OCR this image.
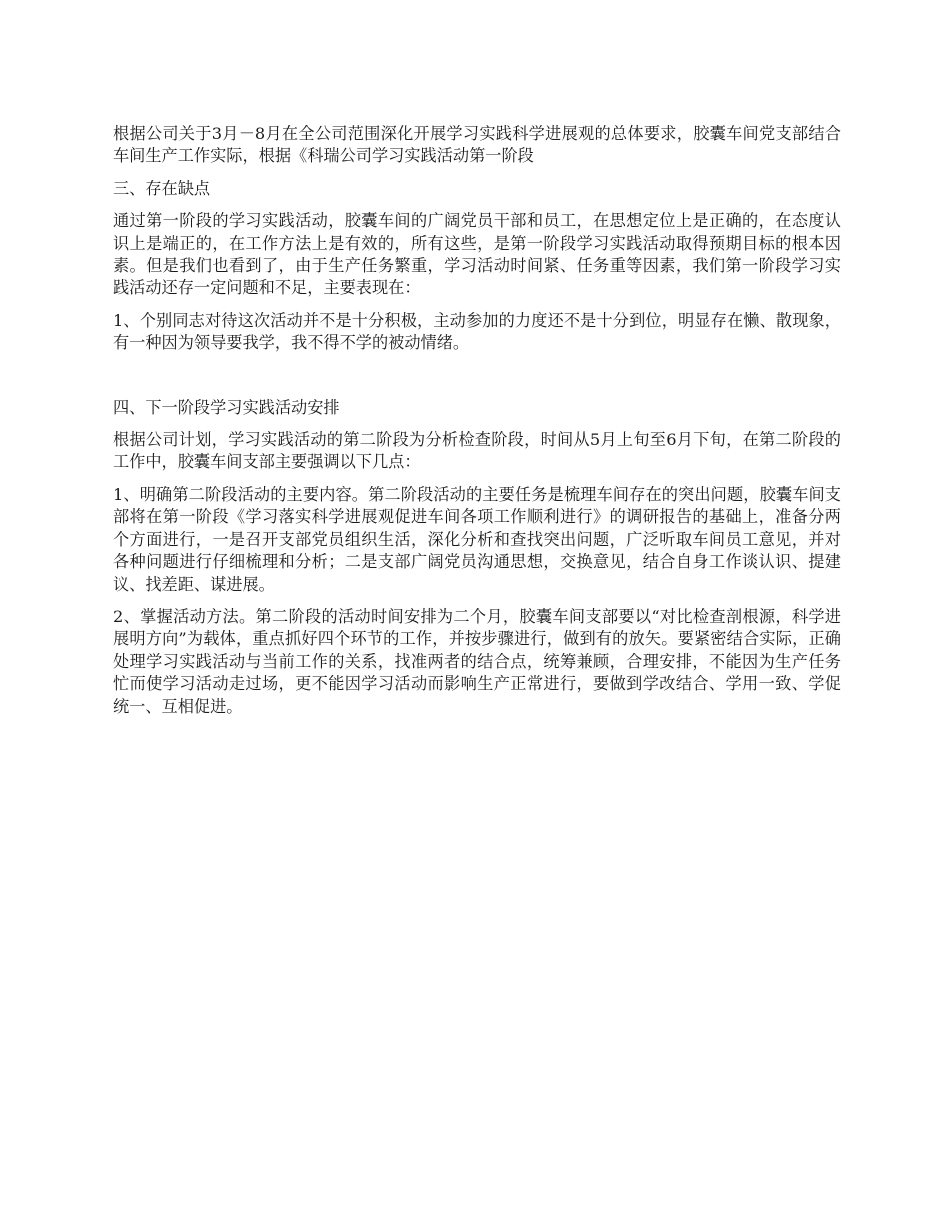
根据公司关于3月－8月在全公司范围深化开展学习实践科学进展观的总体要求，胶囊车间党支部结合车间生产工作实际，根据《科瑞公司学习实践活动第一阶段

三、存在缺点

通过第一阶段的学习实践活动，胶囊车间的广阔党员干部和员工，在思想定位上是正确的，在态度认识上是端正的，在工作方法上是有效的，所有这些，是第一阶段学习实践活动取得预期目标的根本因素。但是我们也看到了，由于生产任务繁重，学习活动时间紧、任务重等因素，我们第一阶段学习实践活动还存一定问题和不足，主要表现在：

1、个别同志对待这次活动并不是十分积极，主动参加的力度还不是十分到位，明显存在懒、散现象，有一种因为领导要我学，我不得不学的被动情绪。

四、下一阶段学习实践活动安排

根据公司计划，学习实践活动的第二阶段为分析检查阶段，时间从5月上旬至6月下旬，在第二阶段的工作中，胶囊车间支部主要强调以下几点：

1、明确第二阶段活动的主要内容。第二阶段活动的主要任务是梳理车间存在的突出问题，胶囊车间支部将在第一阶段《学习落实科学进展观促进车间各项工作顺利进行》的调研报告的基础上，准备分两个方面进行，一是召开支部党员组织生活，深化分析和查找突出问题，广泛听取车间员工意见，并对各种问题进行仔细梳理和分析；二是支部广阔党员沟通思想，交换意见，结合自身工作谈认识、提建议、找差距、谋进展。

2、掌握活动方法。第二阶段的活动时间安排为二个月，胶囊车间支部要以“对比检查剖根源，科学进展明方向”为载体，重点抓好四个环节的工作，并按步骤进行，做到有的放矢。要紧密结合实际，正确处理学习实践活动与当前工作的关系，找准两者的结合点，统筹兼顾，合理安排，不能因为生产任务忙而使学习活动走过场，更不能因学习活动而影响生产正常进行，要做到学改结合、学用一致、学促统一、互相促进。
